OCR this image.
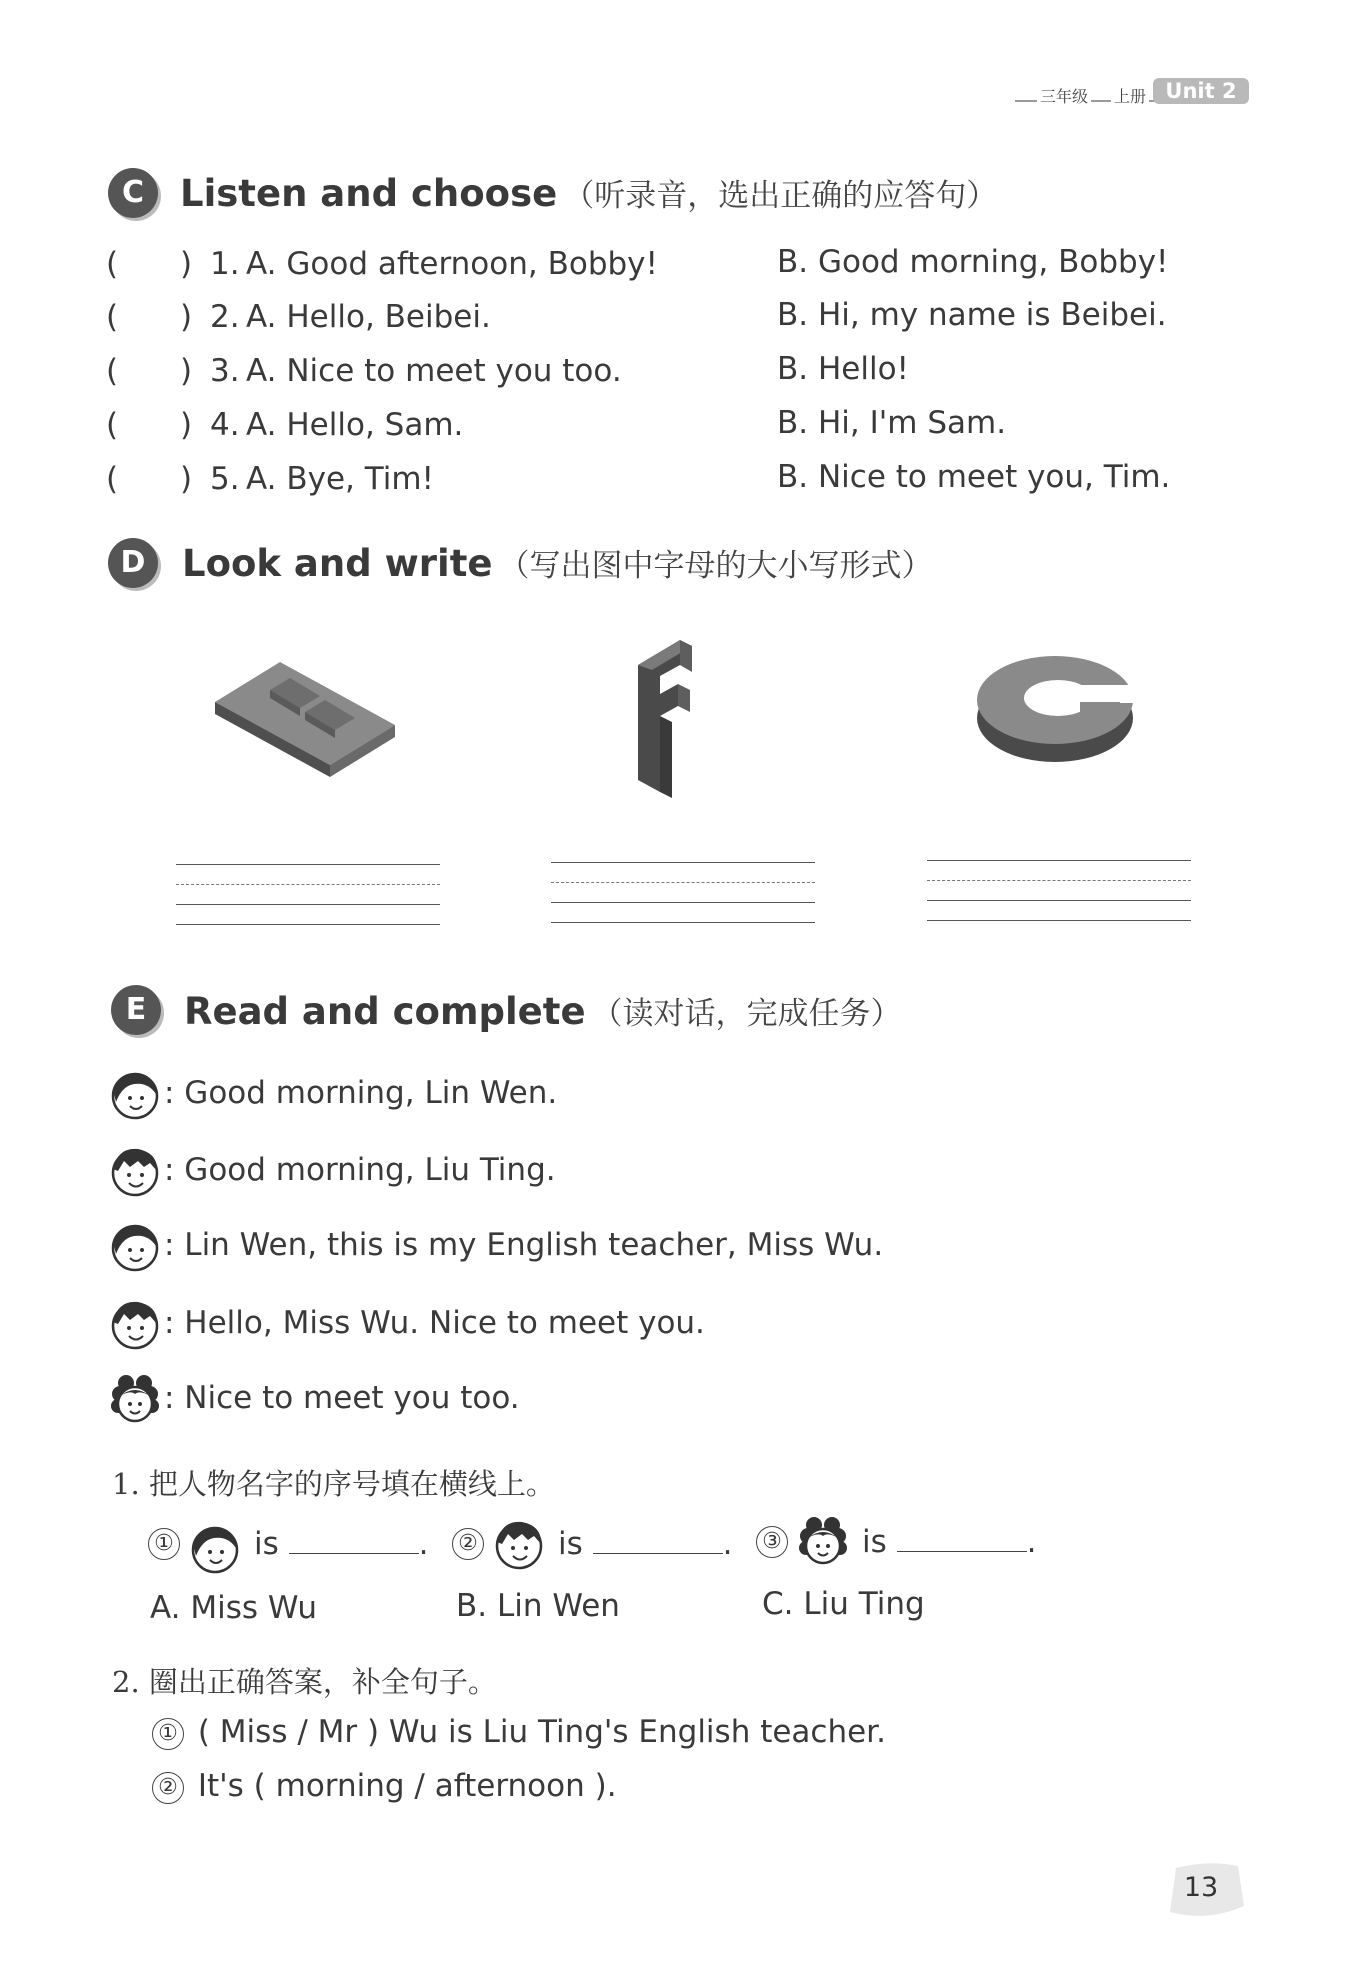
三年级 上册 Unit 2
C Listen and choose （听录音，选出正确的应答句）
( ) 1. A. Good afternoon, Bobby!	B. Good morning, Bobby!
( ) 2. A. Hello, Beibei.	B. Hi, my name is Beibei.
( ) 3. A. Nice to meet you too.	B. Hello!
( ) 4. A. Hello, Sam.	B. Hi, I'm Sam.
( ) 5. A. Bye, Tim!	B. Nice to meet you, Tim.
D Look and write （写出图中字母的大小写形式）
E	Read and complete （读对话，完成任务）
: Good morning, Lin Wen.
: Good morning, Liu Ting.
: Lin Wen, this is my English teacher, Miss Wu.
: Hello, Miss Wu. Nice to meet you.
: Nice to meet you too.
1. 把人物名字的序号填在横线上。
①	is	. ②	is	. ③	is	.
A. Miss Wu	B. Lin Wen	C. Liu Ting
2. 圈出正确答案，补全句子。
① ( Miss / Mr ) Wu is Liu Ting's English teacher.
② It's ( morning / afternoon ).
13
